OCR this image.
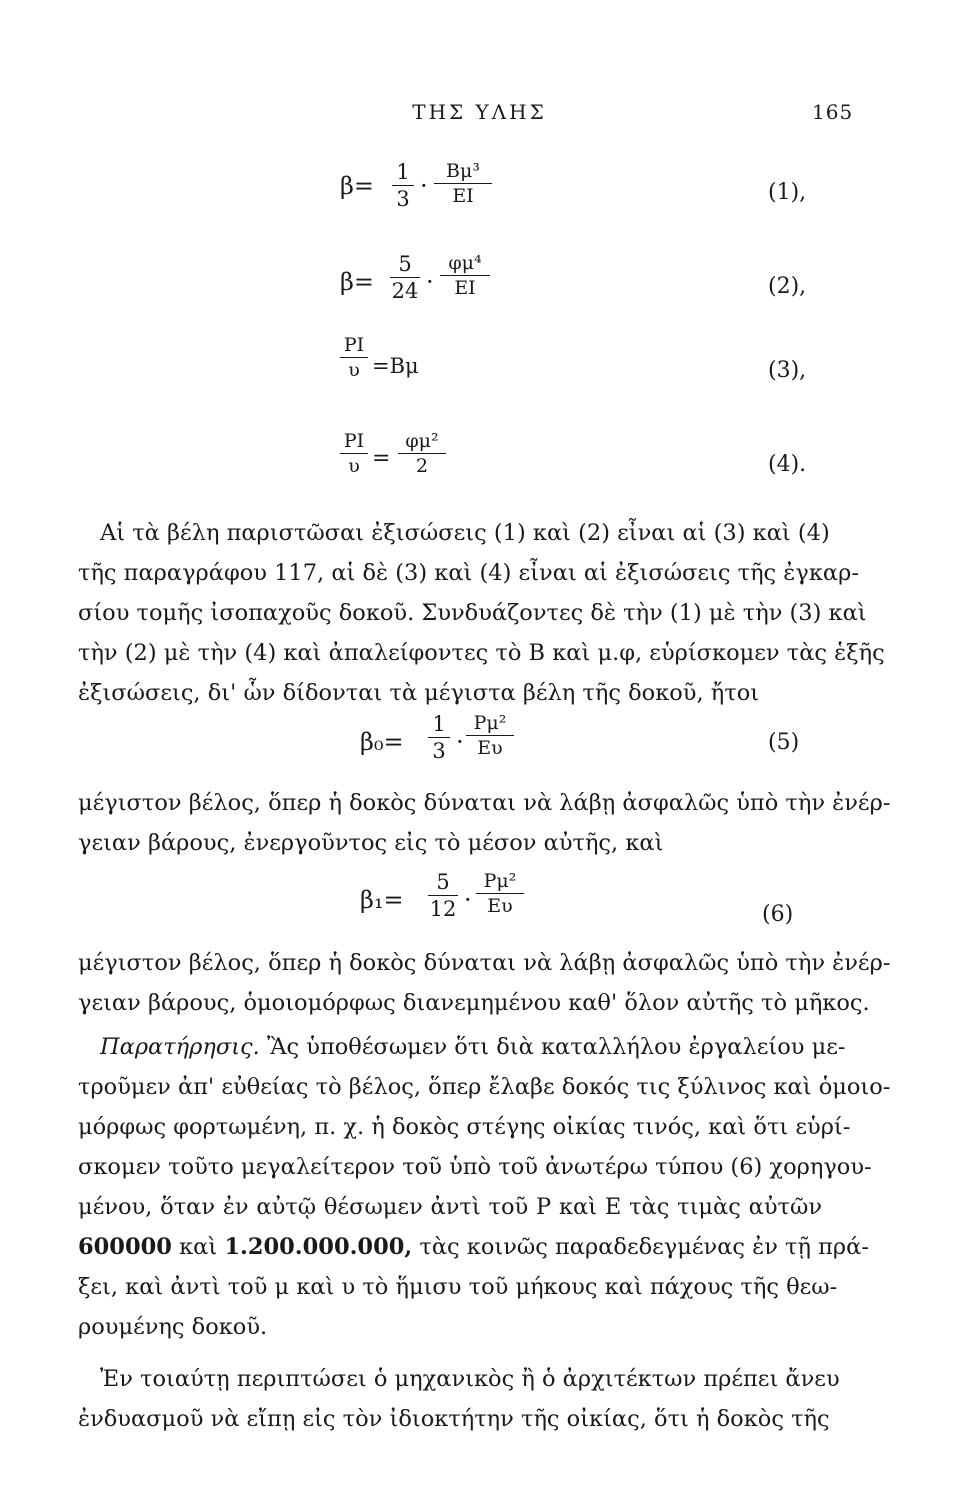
ΤΗΣ ΥΛΗΣ	165
$\beta= \frac{1}{3} \cdot \frac{\text{Bμ³}}{EI}$	(1),
$\beta= \frac{5}{24} \cdot \frac{\text{φμ⁴}}{EI}$	(2),
$\frac{PI}{\upsilon} =B\mu$	(3),
$\frac{PI}{\upsilon} = \frac{\text{φμ²}}{2}$	(4).
Αἱ τὰ βέλη παριστῶσαι ἐξισώσεις (1) καὶ (2) εἶναι αἱ (3) καὶ (4)
τῆς παραγράφου 117, αἱ δὲ (3) καὶ (4) εἶναι αἱ ἐξισώσεις τῆς ἐγκαρ-
σίου τομῆς ἰσοπαχοῦς δοκοῦ. Συνδυάζοντες δὲ τὴν (1) μὲ τὴν (3) καὶ
τὴν (2) μὲ τὴν (4) καὶ ἀπαλείφοντες τὸ B καὶ μ.φ, εὑρίσκομεν τὰς ἑξῆς
ἐξισώσεις, δι' ὧν δίδονται τὰ μέγιστα βέλη τῆς δοκοῦ, ἤτοι
$\beta_0= \frac{1}{3} \cdot \frac{\text{Pμ²}}{E\upsilon}$	(5)
μέγιστον βέλος, ὅπερ ἡ δοκὸς δύναται νὰ λάβῃ ἀσφαλῶς ὑπὸ τὴν ἐνέρ-
γειαν βάρους, ἐνεργοῦντος εἰς τὸ μέσον αὐτῆς, καὶ
$\beta_1= \frac{5}{12} \cdot \frac{\text{Pμ²}}{E\upsilon}$	(6)
μέγιστον βέλος, ὅπερ ἡ δοκὸς δύναται νὰ λάβῃ ἀσφαλῶς ὑπὸ τὴν ἐνέρ-
γειαν βάρους, ὁμοιομόρφως διανεμημένου καθ' ὅλον αὐτῆς τὸ μῆκος.
Παρατήρησις. Ἂς ὑποθέσωμεν ὅτι διὰ καταλλήλου ἐργαλείου με-
τροῦμεν ἀπ' εὐθείας τὸ βέλος, ὅπερ ἔλαβε δοκός τις ξύλινος καὶ ὁμοιο-
μόρφως φορτωμένη, π. χ. ἡ δοκὸς στέγης οἰκίας τινός, καὶ ὅτι εὑρί-
σκομεν τοῦτο μεγαλείτερον τοῦ ὑπὸ τοῦ ἀνωτέρω τύπου (6) χορηγου-
μένου, ὅταν ἐν αὐτῷ θέσωμεν ἀντὶ τοῦ P καὶ E τὰς τιμὰς αὐτῶν
600000 καὶ 1.200.000.000, τὰς κοινῶς παραδεδεγμένας ἐν τῇ πρά-
ξει, καὶ ἀντὶ τοῦ μ καὶ υ τὸ ἥμισυ τοῦ μήκους καὶ πάχους τῆς θεω-
ρουμένης δοκοῦ.
Ἐν τοιαύτῃ περιπτώσει ὁ μηχανικὸς ἢ ὁ ἀρχιτέκτων πρέπει ἄνευ
ἐνδυασμοῦ νὰ εἴπῃ εἰς τὸν ἰδιοκτήτην τῆς οἰκίας, ὅτι ἡ δοκὸς τῆς
